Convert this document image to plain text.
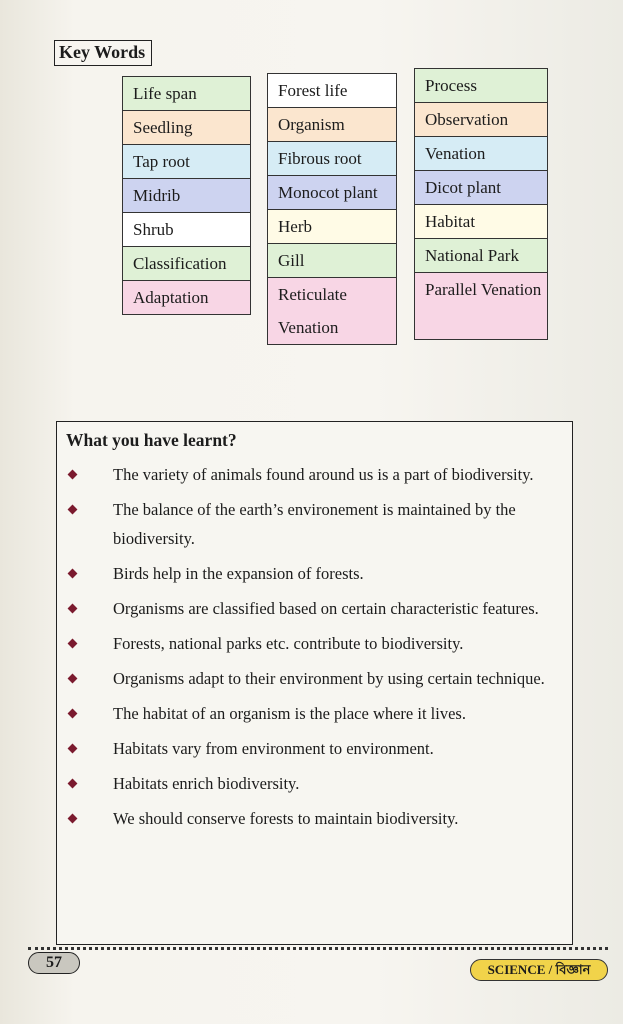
Key Words
Life span
Seedling
Tap root
Midrib
Shrub
Classification
Adaptation
Forest life
Organism
Fibrous root
Monocot plant
Herb
Gill
Reticulate Venation
Process
Observation
Venation
Dicot plant
Habitat
National Park
Parallel Venation
What you have learnt?
The variety of animals found around us is a part of biodiversity.
The balance of the earth’s environement is maintained by the biodiversity.
Birds help in the expansion of forests.
Organisms are classified based on certain characteristic features.
Forests, national parks etc. contribute to biodiversity.
Organisms adapt to their environment by using certain technique.
The habitat of an organism is the place where it lives.
Habitats vary from environment to environment.
Habitats enrich biodiversity.
We should conserve forests to maintain biodiversity.
57	SCIENCE / বিজ্ঞান
